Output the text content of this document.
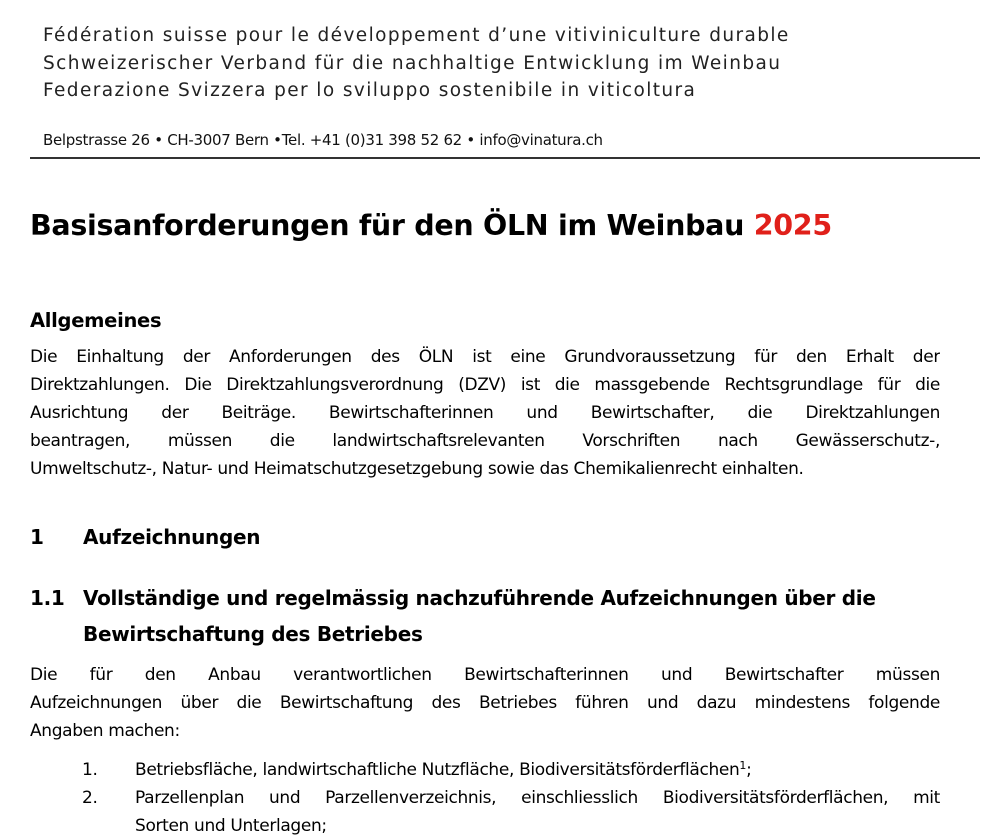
Fédération suisse pour le développement d’une vitiviniculture durable
Schweizerischer Verband für die nachhaltige Entwicklung im Weinbau
Federazione Svizzera per lo sviluppo sostenibile in viticoltura
Belpstrasse 26 • CH-3007 Bern •Tel. +41 (0)31 398 52 62 • info@vinatura.ch
Basisanforderungen für den ÖLN im Weinbau 2025
Allgemeines

Die Einhaltung der Anforderungen des ÖLN ist eine Grundvoraussetzung für den Erhalt der
Direktzahlungen. Die Direktzahlungsverordnung (DZV) ist die massgebende Rechtsgrundlage für die
Ausrichtung der Beiträge. Bewirtschafterinnen und Bewirtschafter, die Direktzahlungen
beantragen, müssen die landwirtschaftsrelevanten Vorschriften nach Gewässerschutz-,
Umweltschutz-, Natur- und Heimatschutzgesetzgebung sowie das Chemikalienrecht einhalten.

1 Aufzeichnungen
1.1 Vollständige und regelmässig nachzuführende Aufzeichnungen über die Bewirtschaftung des Betriebes

Die für den Anbau verantwortlichen Bewirtschafterinnen und Bewirtschafter müssen
Aufzeichnungen über die Bewirtschaftung des Betriebes führen und dazu mindestens folgende
Angaben machen:

1. Betriebsfläche, landwirtschaftliche Nutzfläche, Biodiversitätsförderflächen$^1$;
2. Parzellenplan und Parzellenverzeichnis, einschliesslich Biodiversitätsförderflächen, mit
Sorten und Unterlagen;
